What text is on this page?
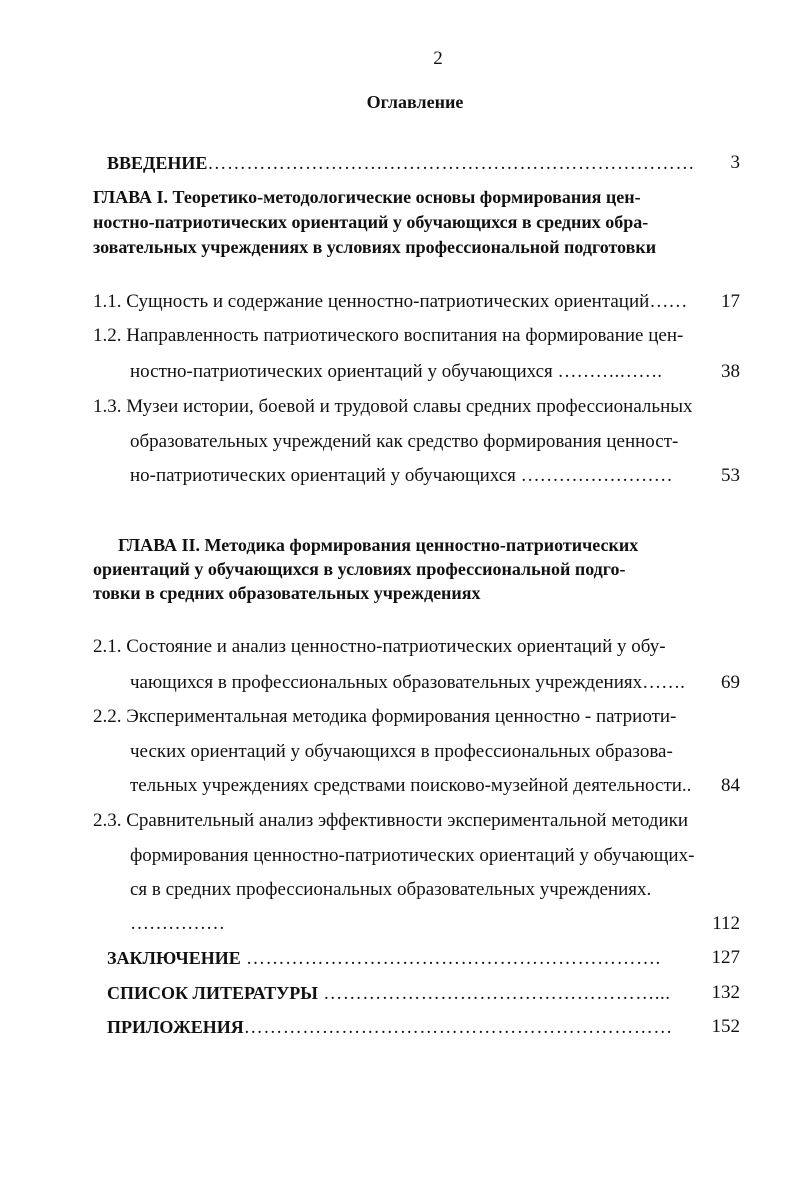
2
Оглавление
ВВЕДЕНИЕ…………………………………………………………………	3
ГЛАВА I. Теоретико-методологические основы формирования цен-
ностно-патриотических ориентаций у обучающихся в средних обра-
зовательных учреждениях в условиях профессиональной подготовки
1.1. Сущность и содержание ценностно-патриотических ориентаций……	17
1.2. Направленность патриотического воспитания на формирование цен-
ностно-патриотических ориентаций у обучающихся ……….…….	38
1.3. Музеи истории, боевой и трудовой славы средних профессиональных
образовательных учреждений как средство формирования ценност-
но-патриотических ориентаций у обучающихся ……………………	53
ГЛАВА II. Методика формирования ценностно-патриотических
ориентаций у обучающихся в условиях профессиональной подго-
товки в средних образовательных учреждениях
2.1. Состояние и анализ ценностно-патриотических ориентаций у обу-
чающихся в профессиональных образовательных учреждениях…….	69
2.2. Экспериментальная методика формирования ценностно - патриоти-
ческих ориентаций у обучающихся в профессиональных образова-
тельных учреждениях средствами поисково-музейной деятельности..	84
2.3. Сравнительный анализ эффективности экспериментальной методики
формирования ценностно-патриотических ориентаций у обучающих-
ся в средних профессиональных образовательных учреждениях.
……………	112
ЗАКЛЮЧЕНИЕ ……………………………………………………….	127
СПИСОК ЛИТЕРАТУРЫ ……………………………………………...	132
ПРИЛОЖЕНИЯ…………………………………………………………	152
